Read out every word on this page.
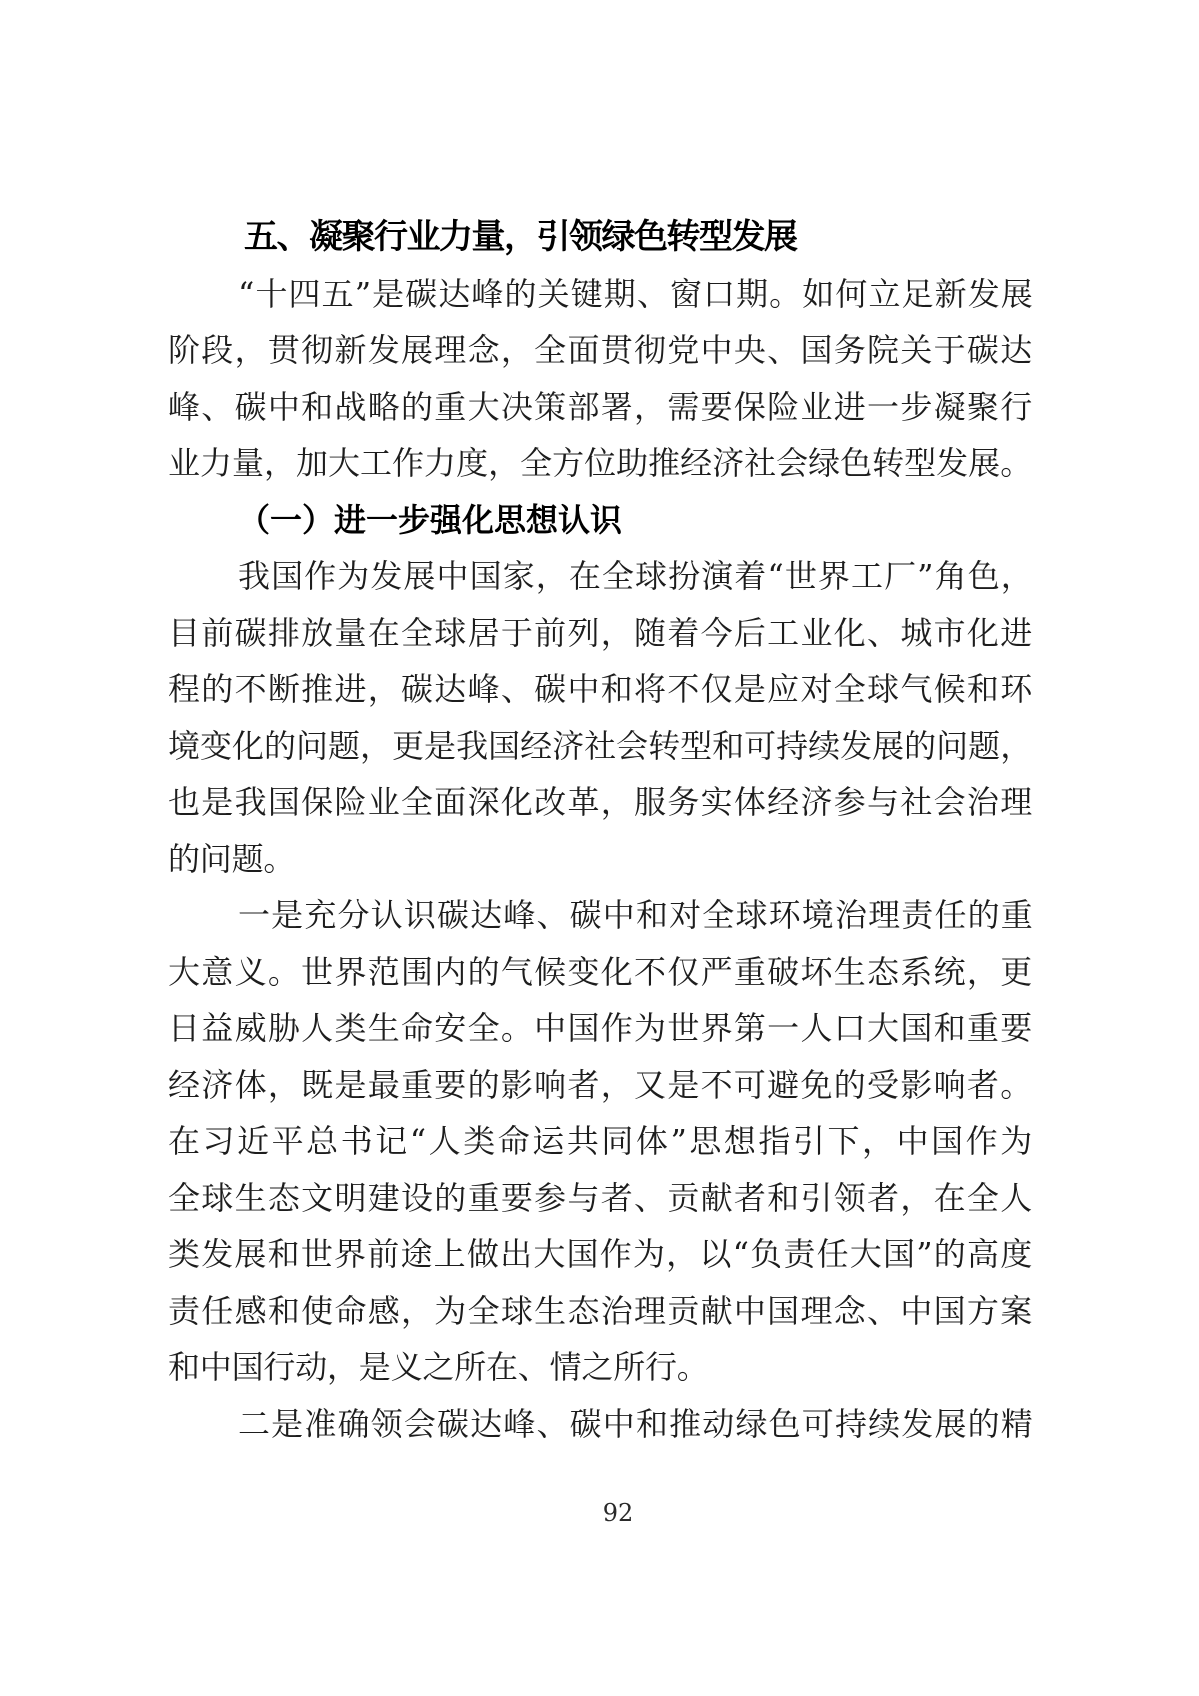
五、凝聚行业力量，引领绿色转型发展
“十四五”是碳达峰的关键期、窗口期。如何立足新发展
阶段，贯彻新发展理念，全面贯彻党中央、国务院关于碳达
峰、碳中和战略的重大决策部署，需要保险业进一步凝聚行
业力量，加大工作力度，全方位助推经济社会绿色转型发展。
（一）进一步强化思想认识
我国作为发展中国家，在全球扮演着“世界工厂”角色，
目前碳排放量在全球居于前列，随着今后工业化、城市化进
程的不断推进，碳达峰、碳中和将不仅是应对全球气候和环
境变化的问题，更是我国经济社会转型和可持续发展的问题，
也是我国保险业全面深化改革，服务实体经济参与社会治理
的问题。
一是充分认识碳达峰、碳中和对全球环境治理责任的重
大意义。世界范围内的气候变化不仅严重破坏生态系统，更
日益威胁人类生命安全。中国作为世界第一人口大国和重要
经济体，既是最重要的影响者，又是不可避免的受影响者。
在习近平总书记“人类命运共同体”思想指引下，中国作为
全球生态文明建设的重要参与者、贡献者和引领者，在全人
类发展和世界前途上做出大国作为，以“负责任大国”的高度
责任感和使命感，为全球生态治理贡献中国理念、中国方案
和中国行动，是义之所在、情之所行。
二是准确领会碳达峰、碳中和推动绿色可持续发展的精
92
